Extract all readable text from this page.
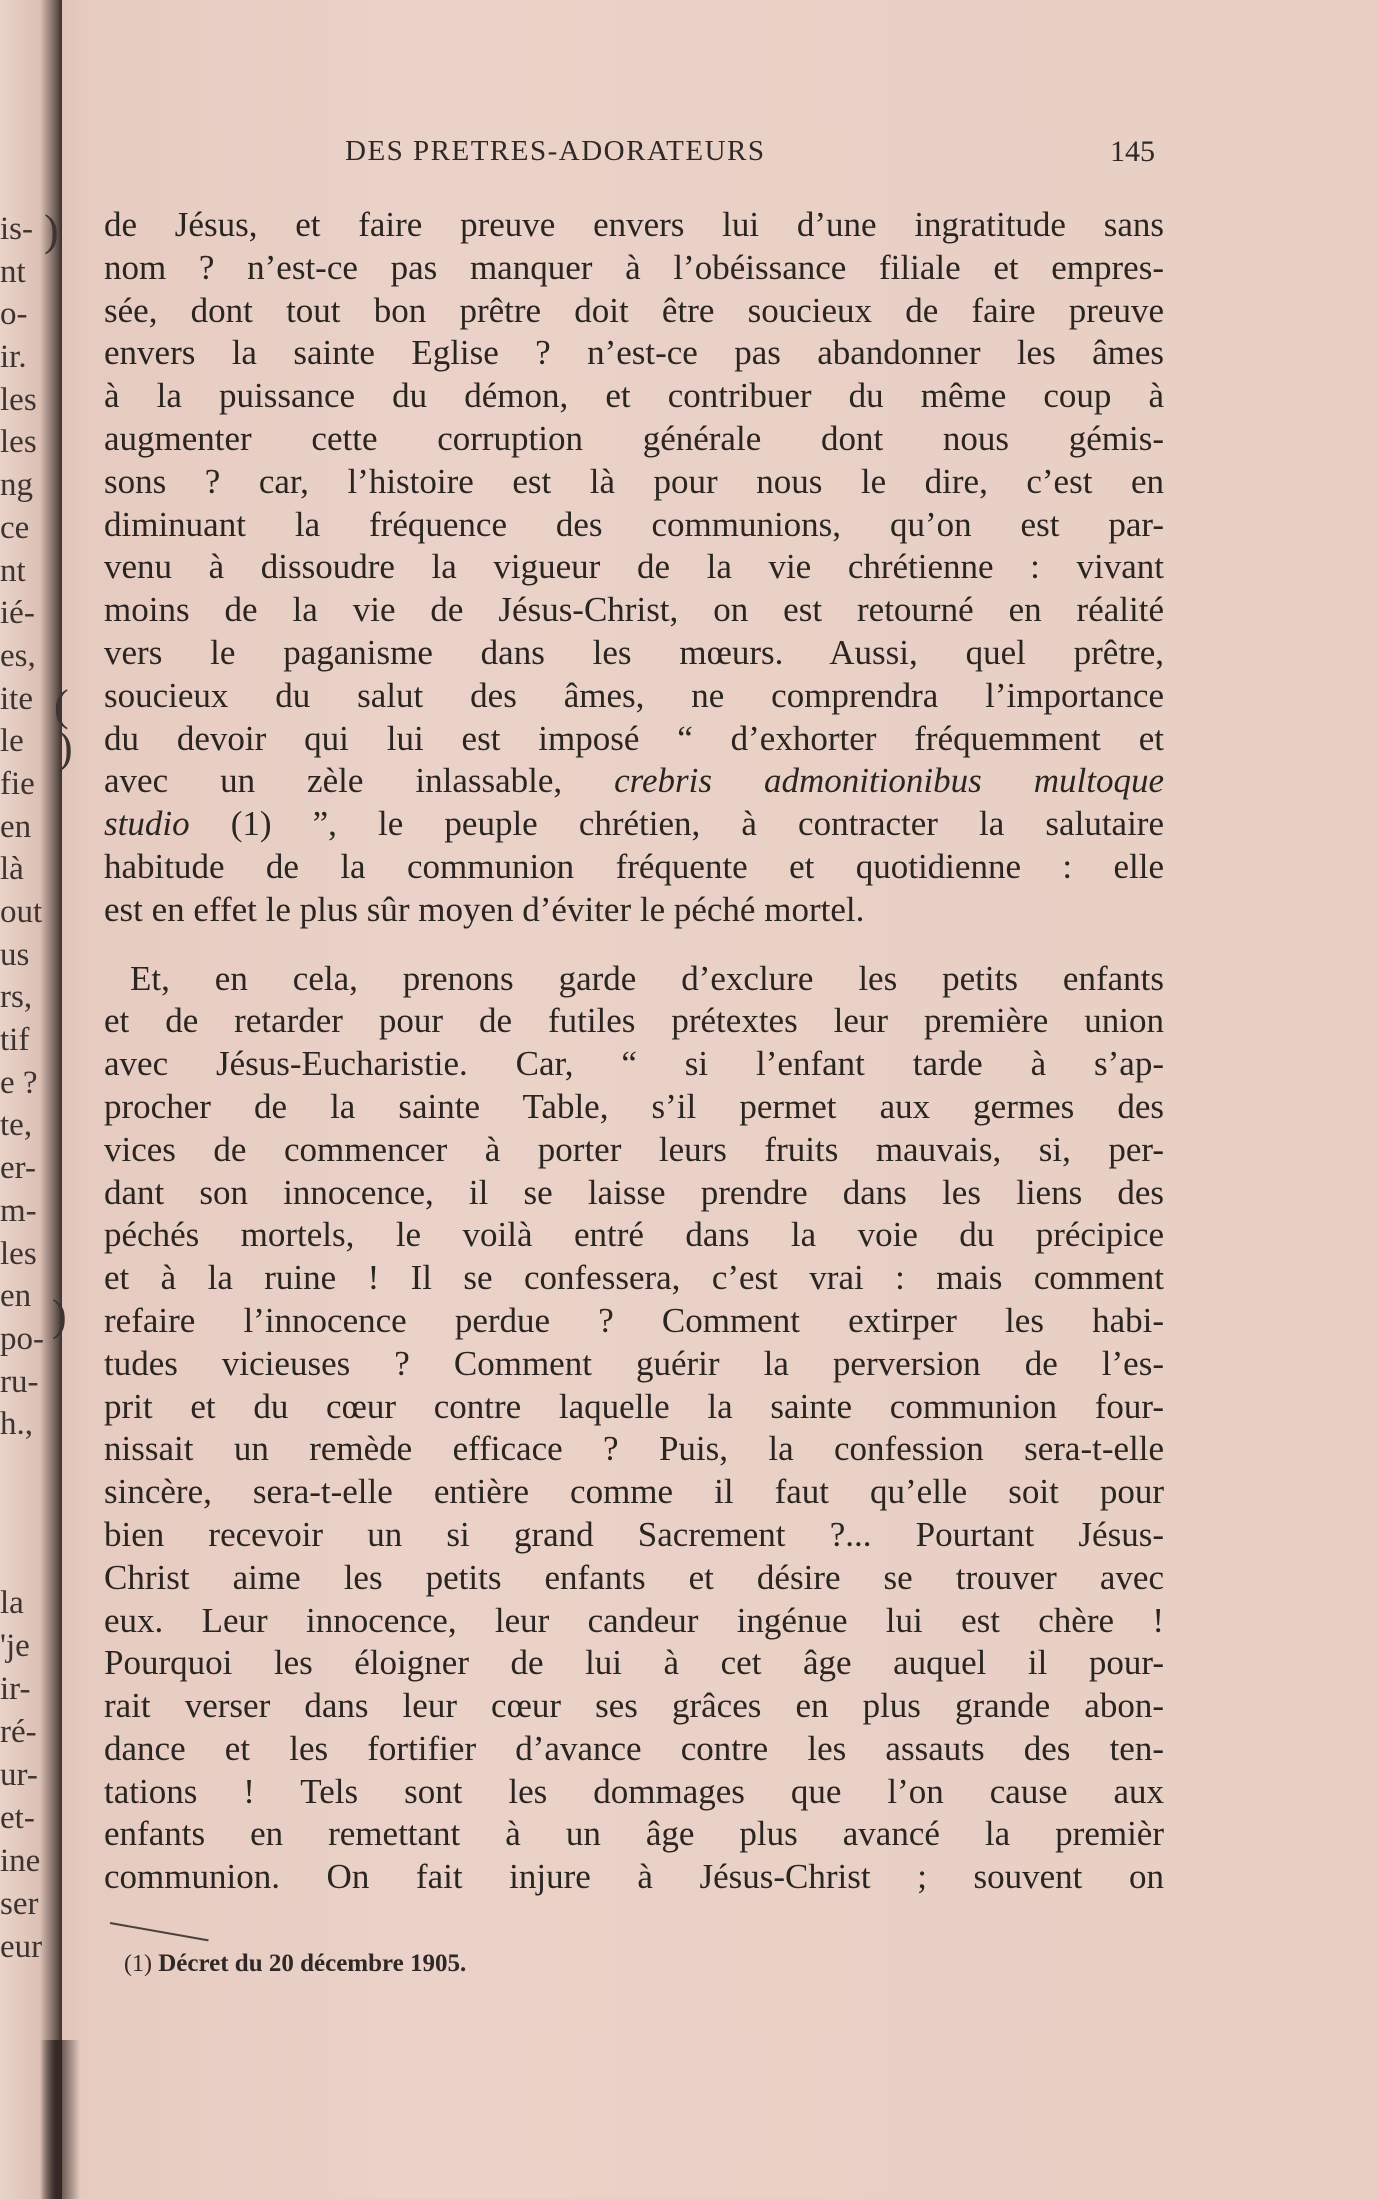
is-
nt
o-
ir.
les
les
ng
ce
nt
ié-
es,
ite
le
fie
en
là
out
us
rs,
tif
e ?
te,
er-
m-
les
en
po-
ru-
h.,
la
'je
ir-
ré-
ur-
et-
ine
ser
eur
)
(
)
)
DES PRETRES-ADORATEURS	145
de Jésus, et faire preuve envers lui d’une ingratitude sans
nom ? n’est-ce pas manquer à l’obéissance filiale et empres-
sée, dont tout bon prêtre doit être soucieux de faire preuve
envers la sainte Eglise ? n’est-ce pas abandonner les âmes
à la puissance du démon, et contribuer du même coup à
augmenter cette corruption générale dont nous gémis-
sons ? car, l’histoire est là pour nous le dire, c’est en
diminuant la fréquence des communions, qu’on est par-
venu à dissoudre la vigueur de la vie chrétienne : vivant
moins de la vie de Jésus-Christ, on est retourné en réalité
vers le paganisme dans les mœurs. Aussi, quel prêtre,
soucieux du salut des âmes, ne comprendra l’importance
du devoir qui lui est imposé “ d’exhorter fréquemment et
avec un zèle inlassable, crebris admonitionibus multoque
studio (1) ”, le peuple chrétien, à contracter la salutaire
habitude de la communion fréquente et quotidienne : elle
est en effet le plus sûr moyen d’éviter le péché mortel.
Et, en cela, prenons garde d’exclure les petits enfants
et de retarder pour de futiles prétextes leur première union
avec Jésus-Eucharistie. Car, “ si l’enfant tarde à s’ap-
procher de la sainte Table, s’il permet aux germes des
vices de commencer à porter leurs fruits mauvais, si, per-
dant son innocence, il se laisse prendre dans les liens des
péchés mortels, le voilà entré dans la voie du précipice
et à la ruine ! Il se confessera, c’est vrai : mais comment
refaire l’innocence perdue ? Comment extirper les habi-
tudes vicieuses ? Comment guérir la perversion de l’es-
prit et du cœur contre laquelle la sainte communion four-
nissait un remède efficace ? Puis, la confession sera-t-elle
sincère, sera-t-elle entière comme il faut qu’elle soit pour
bien recevoir un si grand Sacrement ?... Pourtant Jésus-
Christ aime les petits enfants et désire se trouver avec
eux. Leur innocence, leur candeur ingénue lui est chère !
Pourquoi les éloigner de lui à cet âge auquel il pour-
rait verser dans leur cœur ses grâces en plus grande abon-
dance et les fortifier d’avance contre les assauts des ten-
tations ! Tels sont les dommages que l’on cause aux
enfants en remettant à un âge plus avancé la premièr
communion. On fait injure à Jésus-Christ ; souvent on
(1) Décret du 20 décembre 1905.
